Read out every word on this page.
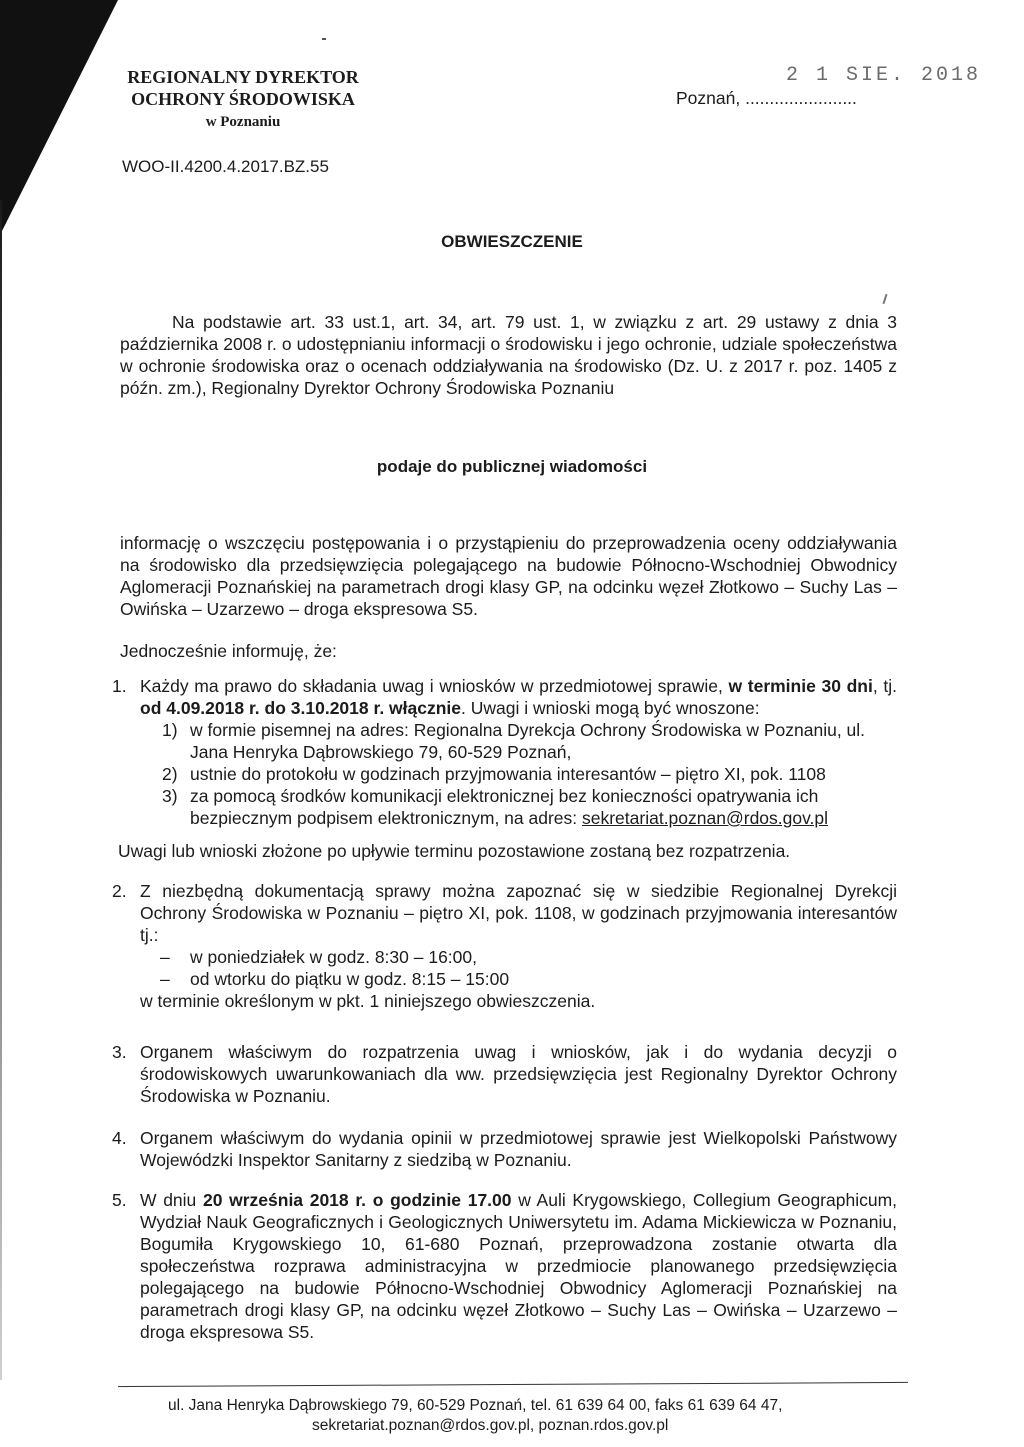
REGIONALNY DYREKTOR
OCHRONY ŚRODOWISKA
w Poznaniu
2 1 SIE. 2018
Poznań, .......................
WOO-II.4200.4.2017.BZ.55
OBWIESZCZENIE
Na podstawie art. 33 ust.1, art. 34, art. 79 ust. 1, w związku z art. 29 ustawy z dnia 3 października 2008 r. o udostępnianiu informacji o środowisku i jego ochronie, udziale społeczeństwa w ochronie środowiska oraz o ocenach oddziaływania na środowisko (Dz. U. z 2017 r. poz. 1405 z późn. zm.), Regionalny Dyrektor Ochrony Środowiska Poznaniu
podaje do publicznej wiadomości
informację o wszczęciu postępowania i o przystąpieniu do przeprowadzenia oceny oddziaływania na środowisko dla przedsięwzięcia polegającego na budowie Północno-Wschodniej Obwodnicy Aglomeracji Poznańskiej na parametrach drogi klasy GP, na odcinku węzeł Złotkowo – Suchy Las – Owińska – Uzarzewo – droga ekspresowa S5.
Jednocześnie informuję, że:
1. Każdy ma prawo do składania uwag i wniosków w przedmiotowej sprawie, w terminie 30 dni, tj. od 4.09.2018 r. do 3.10.2018 r. włącznie. Uwagi i wnioski mogą być wnoszone:
1) w formie pisemnej na adres: Regionalna Dyrekcja Ochrony Środowiska w Poznaniu, ul. Jana Henryka Dąbrowskiego 79, 60-529 Poznań,
2) ustnie do protokołu w godzinach przyjmowania interesantów – piętro XI, pok. 1108
3) za pomocą środków komunikacji elektronicznej bez konieczności opatrywania ich bezpiecznym podpisem elektronicznym, na adres: sekretariat.poznan@rdos.gov.pl
Uwagi lub wnioski złożone po upływie terminu pozostawione zostaną bez rozpatrzenia.
2. Z niezbędną dokumentacją sprawy można zapoznać się w siedzibie Regionalnej Dyrekcji Ochrony Środowiska w Poznaniu – piętro XI, pok. 1108, w godzinach przyjmowania interesantów tj.:
– w poniedziałek w godz. 8:30 – 16:00,
– od wtorku do piątku w godz. 8:15 – 15:00
w terminie określonym w pkt. 1 niniejszego obwieszczenia.
3. Organem właściwym do rozpatrzenia uwag i wniosków, jak i do wydania decyzji o środowiskowych uwarunkowaniach dla ww. przedsięwzięcia jest Regionalny Dyrektor Ochrony Środowiska w Poznaniu.
4. Organem właściwym do wydania opinii w przedmiotowej sprawie jest Wielkopolski Państwowy Wojewódzki Inspektor Sanitarny z siedzibą w Poznaniu.
5. W dniu 20 września 2018 r. o godzinie 17.00 w Auli Krygowskiego, Collegium Geographicum, Wydział Nauk Geograficznych i Geologicznych Uniwersytetu im. Adama Mickiewicza w Poznaniu, Bogumiła Krygowskiego 10, 61-680 Poznań, przeprowadzona zostanie otwarta dla społeczeństwa rozprawa administracyjna w przedmiocie planowanego przedsięwzięcia polegającego na budowie Północno-Wschodniej Obwodnicy Aglomeracji Poznańskiej na parametrach drogi klasy GP, na odcinku węzeł Złotkowo – Suchy Las – Owińska – Uzarzewo – droga ekspresowa S5.
ul. Jana Henryka Dąbrowskiego 79, 60-529 Poznań, tel. 61 639 64 00, faks 61 639 64 47,
sekretariat.poznan@rdos.gov.pl, poznan.rdos.gov.pl
